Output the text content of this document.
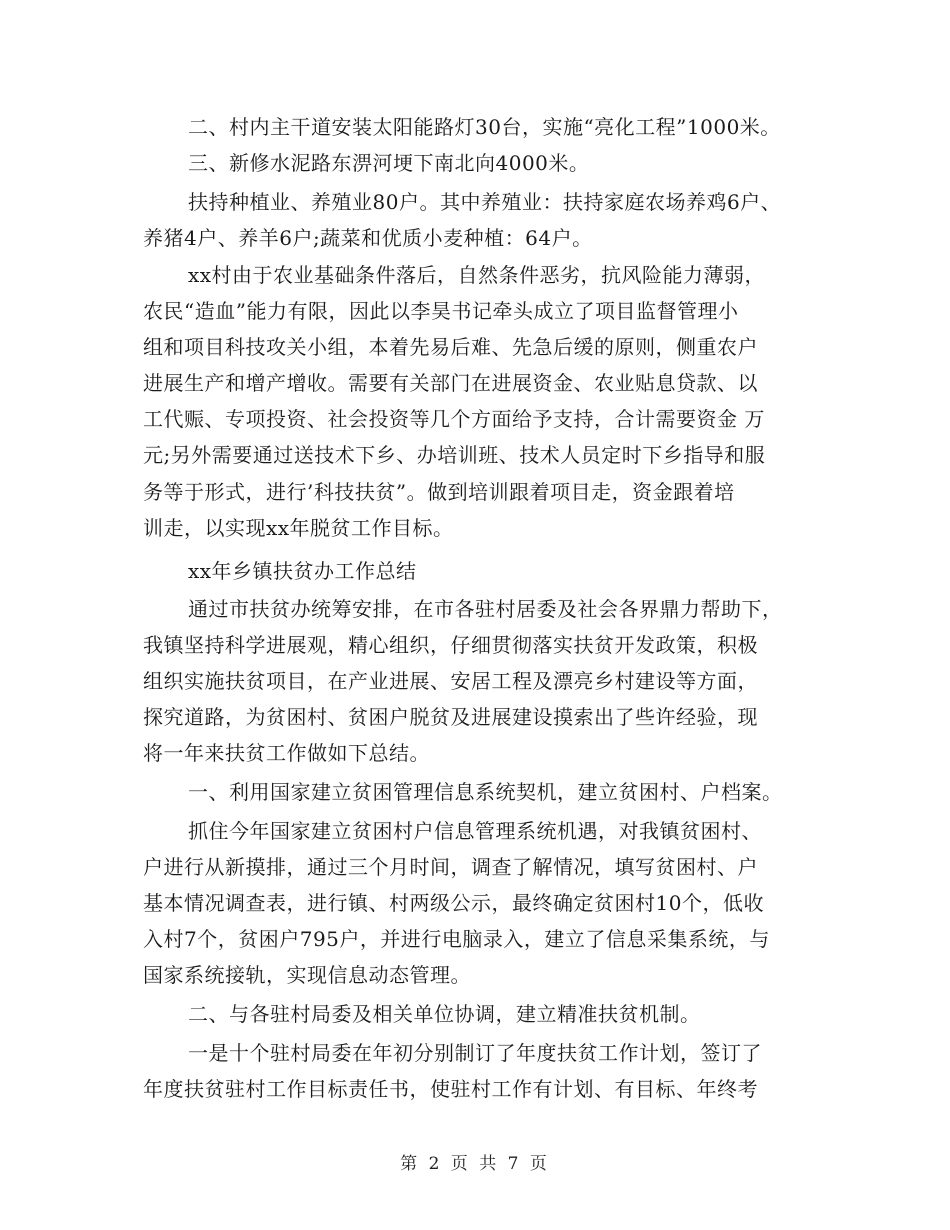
二、村内主干道安装太阳能路灯30台，实施“亮化工程”1000米。
三、新修水泥路东淠河埂下南北向4000米。
扶持种植业、养殖业80户。其中养殖业：扶持家庭农场养鸡6户、
养猪4户、养羊6户;蔬菜和优质小麦种植：64户。
xx村由于农业基础条件落后，自然条件恶劣，抗风险能力薄弱，
农民“造血”能力有限，因此以李昊书记牵头成立了项目监督管理小
组和项目科技攻关小组，本着先易后难、先急后缓的原则，侧重农户
进展生产和增产增收。需要有关部门在进展资金、农业贴息贷款、以
工代赈、专项投资、社会投资等几个方面给予支持，合计需要资金 万
元;另外需要通过送技术下乡、办培训班、技术人员定时下乡指导和服
务等于形式，进行’科技扶贫”。做到培训跟着项目走，资金跟着培
训走，以实现xx年脱贫工作目标。
xx年乡镇扶贫办工作总结
通过市扶贫办统筹安排，在市各驻村居委及社会各界鼎力帮助下，
我镇坚持科学进展观，精心组织，仔细贯彻落实扶贫开发政策，积极
组织实施扶贫项目，在产业进展、安居工程及漂亮乡村建设等方面，
探究道路，为贫困村、贫困户脱贫及进展建设摸索出了些许经验，现
将一年来扶贫工作做如下总结。
一、利用国家建立贫困管理信息系统契机，建立贫困村、户档案。
抓住今年国家建立贫困村户信息管理系统机遇，对我镇贫困村、
户进行从新摸排，通过三个月时间，调查了解情况，填写贫困村、户
基本情况调查表，进行镇、村两级公示，最终确定贫困村10个，低收
入村7个，贫困户795户，并进行电脑录入，建立了信息采集系统，与
国家系统接轨，实现信息动态管理。
二、与各驻村局委及相关单位协调，建立精准扶贫机制。
一是十个驻村局委在年初分别制订了年度扶贫工作计划，签订了
年度扶贫驻村工作目标责任书，使驻村工作有计划、有目标、年终考
第 2 页 共 7 页
